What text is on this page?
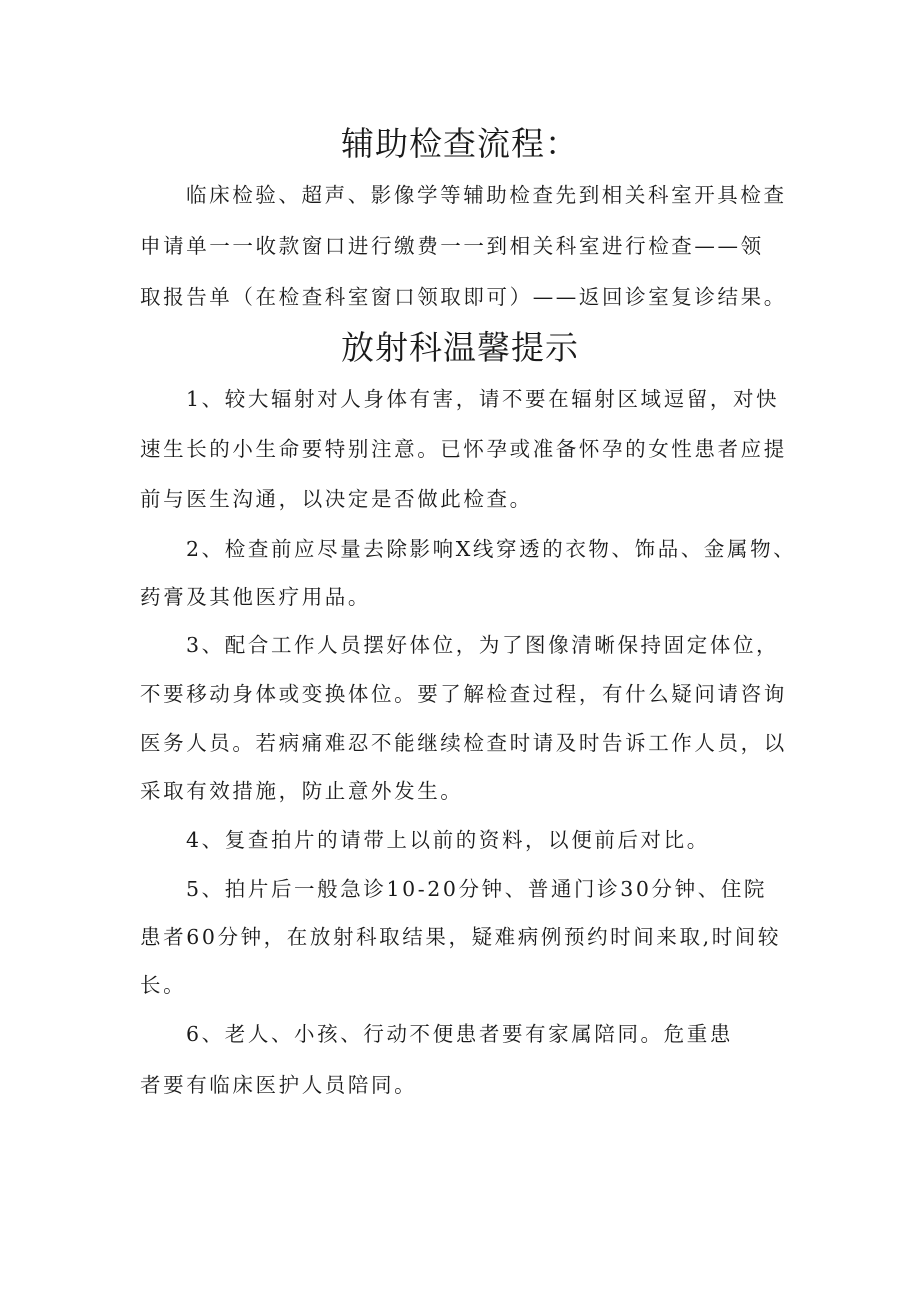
辅助检查流程：
临床检验、超声、影像学等辅助检查先到相关科室开具检查
申请单一一收款窗口进行缴费一一到相关科室进行检查——领
取报告单（在检查科室窗口领取即可）——返回诊室复诊结果。
放射科温馨提示
1、较大辐射对人身体有害，请不要在辐射区域逗留，对快
速生长的小生命要特别注意。已怀孕或准备怀孕的女性患者应提
前与医生沟通，以决定是否做此检查。
2、检查前应尽量去除影响X线穿透的衣物、饰品、金属物、
药膏及其他医疗用品。
3、配合工作人员摆好体位，为了图像清晰保持固定体位，
不要移动身体或变换体位。要了解检查过程，有什么疑问请咨询
医务人员。若病痛难忍不能继续检查时请及时告诉工作人员，以
采取有效措施，防止意外发生。
4、复查拍片的请带上以前的资料，以便前后对比。
5、拍片后一般急诊10-20分钟、普通门诊30分钟、住院
患者60分钟，在放射科取结果，疑难病例预约时间来取,时间较
长。
6、老人、小孩、行动不便患者要有家属陪同。危重患
者要有临床医护人员陪同。
